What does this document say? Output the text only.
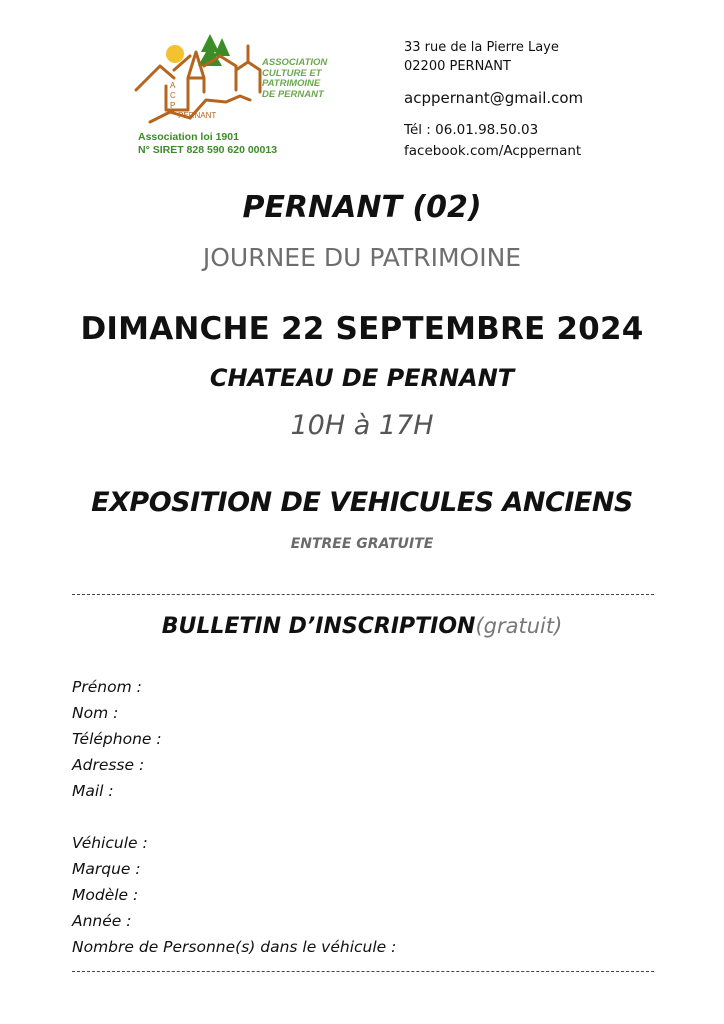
A
C
P
PERNANT
ASSOCIATION
CULTURE ET
PATRIMOINE
DE PERNANT
Association loi 1901
N° SIRET 828 590 620 00013
33 rue de la Pierre Laye
02200 PERNANT
acppernant@gmail.com
Tél : 06.01.98.50.03
facebook.com/Acppernant
PERNANT (02)
JOURNEE DU PATRIMOINE
DIMANCHE 22 SEPTEMBRE 2024
CHATEAU DE PERNANT
10H à 17H
EXPOSITION DE VEHICULES ANCIENS
ENTREE GRATUITE
BULLETIN D’INSCRIPTION(gratuit)
Prénom :
Nom :
Téléphone :
Adresse :
Mail :
Véhicule :
Marque :
Modèle :
Année :
Nombre de Personne(s) dans le véhicule :
